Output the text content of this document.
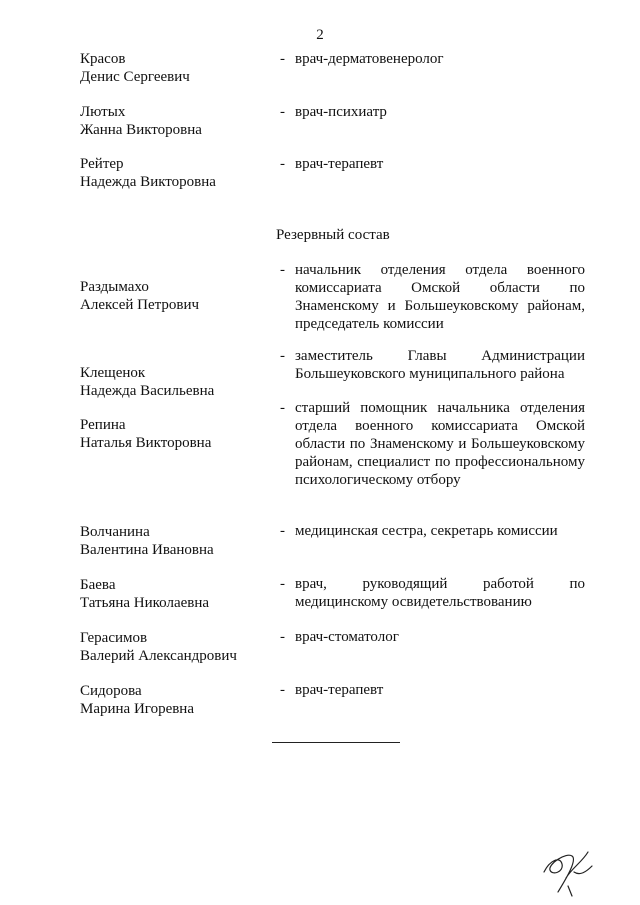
2
Красов
Денис Сергеевич
- врач-дерматовенеролог
Лютых
Жанна Викторовна
- врач-психиатр
Рейтер
Надежда Викторовна
- врач-терапевт
Резервный состав
Раздымахо
Алексей Петрович
- начальник отделения отдела военного комиссариата Омской области по Знаменскому и Большеуковскому районам, председатель комиссии
Клещенок
Надежда Васильевна
- заместитель Главы Администрации Большеуковского муниципального района
Репина
Наталья Викторовна
- старший помощник начальника отделения отдела военного комиссариата Омской области по Знаменскому и Большеуковскому районам, специалист по профессиональному психологическому отбору
Волчанина
Валентина Ивановна
- медицинская сестра, секретарь комиссии
Баева
Татьяна Николаевна
- врач, руководящий работой по медицинскому освидетельствованию
Герасимов
Валерий Александрович
- врач-стоматолог
Сидорова
Марина Игоревна
- врач-терапевт
